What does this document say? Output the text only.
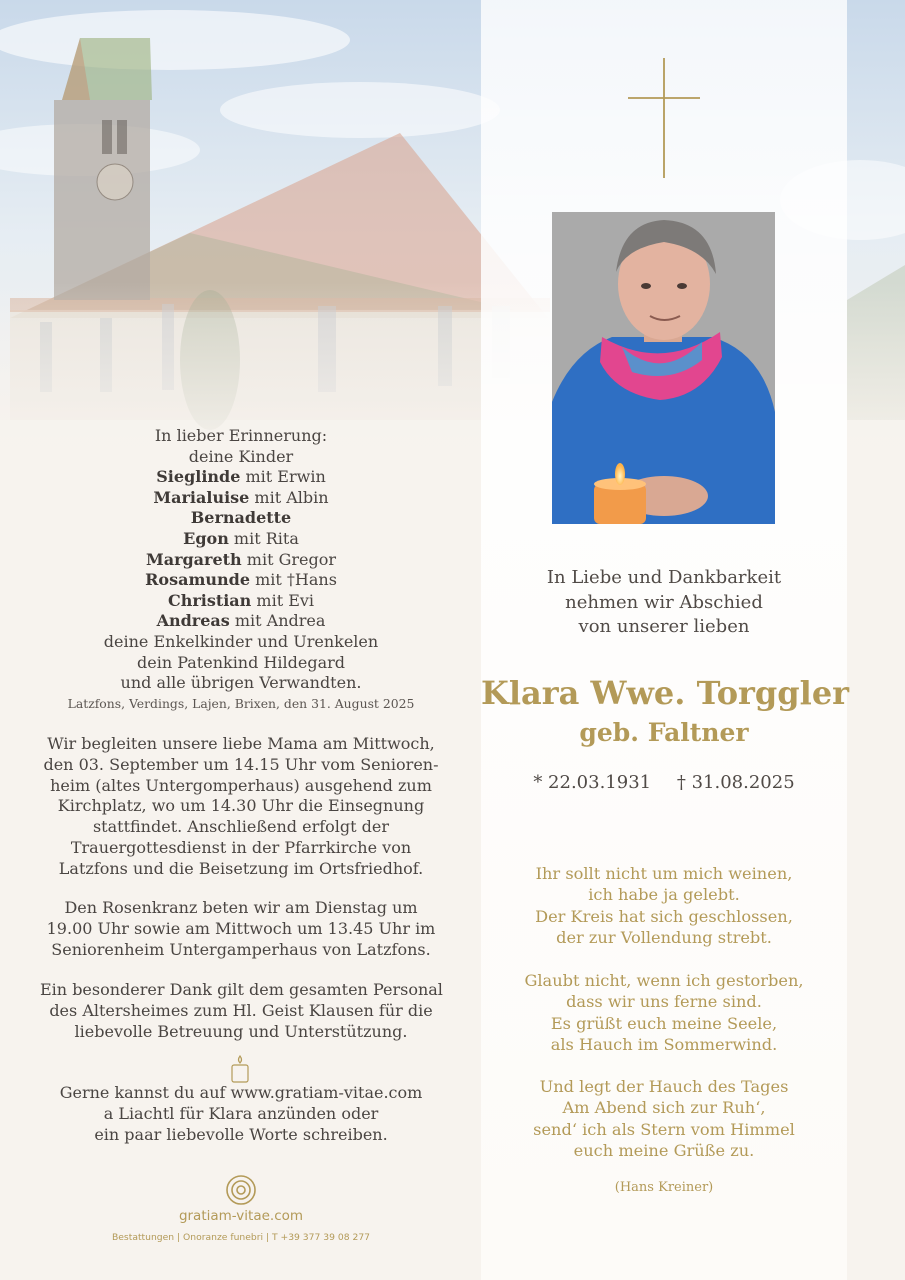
In Liebe und Dankbarkeit
nehmen wir Abschied
von unserer lieben
Klara Wwe. Torggler
geb. Faltner
* 22.03.1931 † 31.08.2025
Ihr sollt nicht um mich weinen,
ich habe ja gelebt.
Der Kreis hat sich geschlossen,
der zur Vollendung strebt.
Glaubt nicht, wenn ich gestorben,
dass wir uns ferne sind.
Es grüßt euch meine Seele,
als Hauch im Sommerwind.
Und legt der Hauch des Tages
Am Abend sich zur Ruh‘,
send‘ ich als Stern vom Himmel
euch meine Grüße zu.
(Hans Kreiner)
In lieber Erinnerung:
deine Kinder
Sieglinde mit Erwin
Marialuise mit Albin
Bernadette
Egon mit Rita
Margareth mit Gregor
Rosamunde mit †Hans
Christian mit Evi
Andreas mit Andrea
deine Enkelkinder und Urenkelen
dein Patenkind Hildegard
und alle übrigen Verwandten.
Latzfons, Verdings, Lajen, Brixen, den 31. August 2025
Wir begleiten unsere liebe Mama am Mittwoch,
den 03. September um 14.15 Uhr vom Senioren-
heim (altes Untergomperhaus) ausgehend zum
Kirchplatz, wo um 14.30 Uhr die Einsegnung
stattfindet. Anschließend erfolgt der
Trauergottesdienst in der Pfarrkirche von
Latzfons und die Beisetzung im Ortsfriedhof.
Den Rosenkranz beten wir am Dienstag um
19.00 Uhr sowie am Mittwoch um 13.45 Uhr im
Seniorenheim Untergamperhaus von Latzfons.
Ein besonderer Dank gilt dem gesamten Personal
des Altersheimes zum Hl. Geist Klausen für die
liebevolle Betreuung und Unterstützung.
Gerne kannst du auf www.gratiam-vitae.com
a Liachtl für Klara anzünden oder
ein paar liebevolle Worte schreiben.
gratiam-vitae.com
Bestattungen | Onoranze funebri | T +39 377 39 08 277
